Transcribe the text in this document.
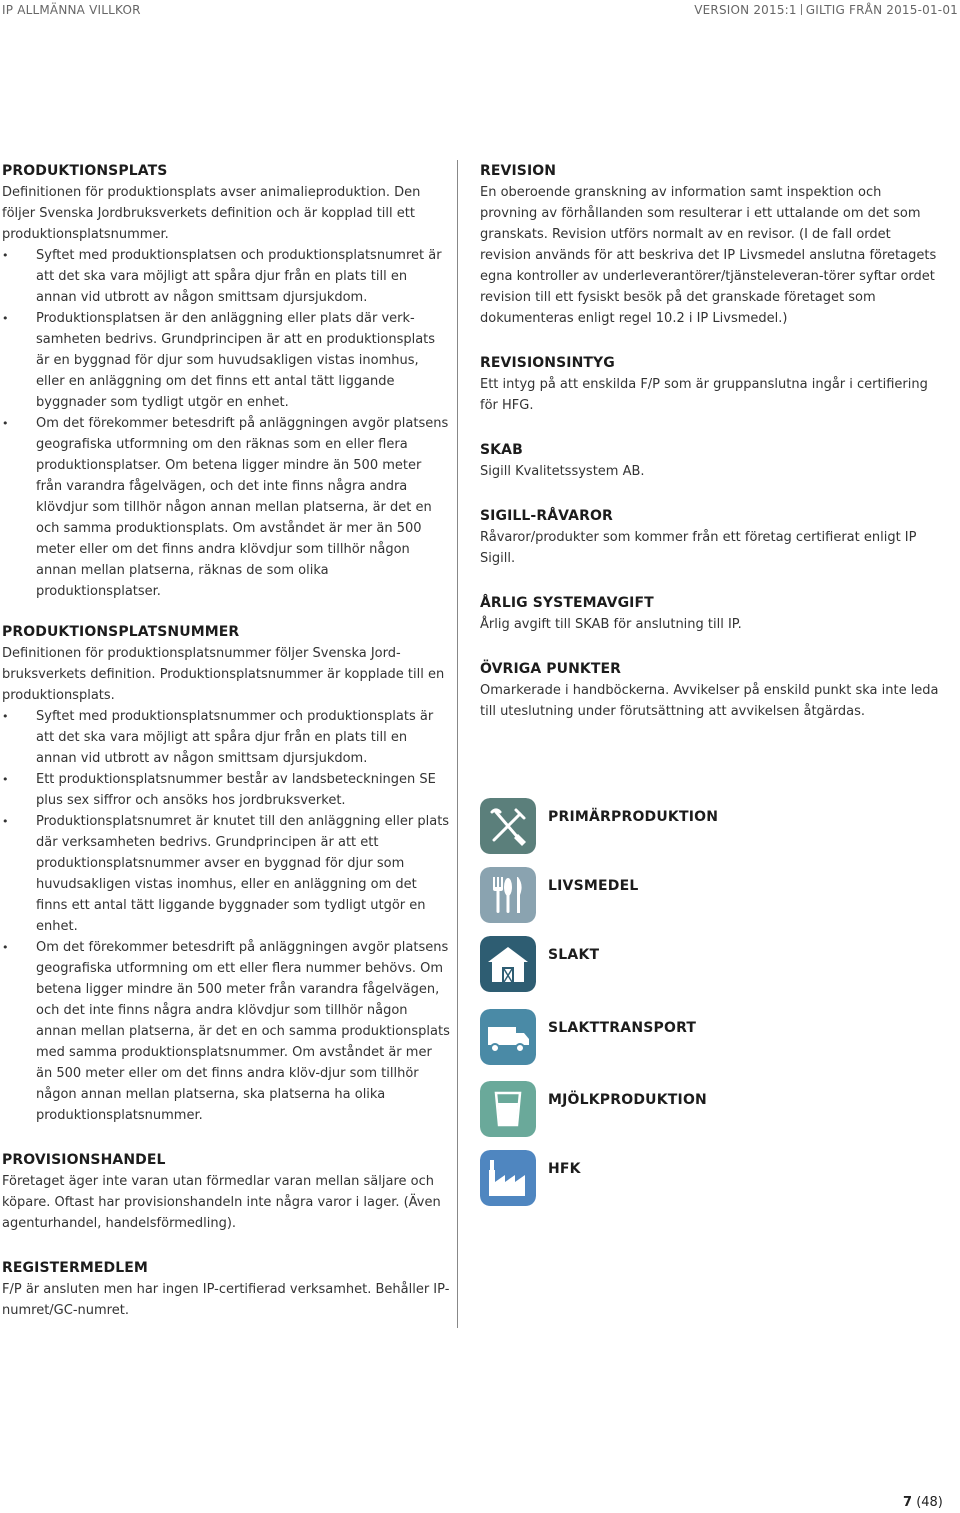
IP ALLMÄNNA VILLKOR	VERSION 2015:1 GILTIG FRÅN 2015-01-01
PRODUKTIONSPLATS

Definitionen för produktionsplats avser animalieproduktion. Den följer Svenska Jordbruksverkets definition och är kopplad till ett produktionsplatsnummer.

• Syftet med produktionsplatsen och produktionsplatsnumret är att det ska vara möjligt att spåra djur från en plats till en annan vid utbrott av någon smittsam djursjukdom.
• Produktionsplatsen är den anläggning eller plats där verk-samheten bedrivs. Grundprincipen är att en produktionsplats är en byggnad för djur som huvudsakligen vistas inomhus, eller en anläggning om det finns ett antal tätt liggande byggnader som tydligt utgör en enhet.
• Om det förekommer betesdrift på anläggningen avgör platsens geografiska utformning om den räknas som en eller flera produktionsplatser. Om betena ligger mindre än 500 meter från varandra fågelvägen, och det inte finns några andra klövdjur som tillhör någon annan mellan platserna, är det en och samma produktionsplats. Om avståndet är mer än 500 meter eller om det finns andra klövdjur som tillhör någon annan mellan platserna, räknas de som olika produktionsplatser.
PRODUKTIONSPLATSNUMMER

Definitionen för produktionsplatsnummer följer Svenska Jord-bruksverkets definition. Produktionsplatsnummer är kopplade till en produktionsplats.

• Syftet med produktionsplatsnummer och produktionsplats är att det ska vara möjligt att spåra djur från en plats till en annan vid utbrott av någon smittsam djursjukdom.
• Ett produktionsplatsnummer består av landsbeteckningen SE plus sex siffror och ansöks hos jordbruksverket.
• Produktionsplatsnumret är knutet till den anläggning eller plats där verksamheten bedrivs. Grundprincipen är att ett produktionsplatsnummer avser en byggnad för djur som huvudsakligen vistas inomhus, eller en anläggning om det finns ett antal tätt liggande byggnader som tydligt utgör en enhet.
• Om det förekommer betesdrift på anläggningen avgör platsens geografiska utformning om ett eller flera nummer behövs. Om betena ligger mindre än 500 meter från varandra fågelvägen, och det inte finns några andra klövdjur som tillhör någon annan mellan platserna, är det en och samma produktionsplats med samma produktionsplatsnummer. Om avståndet är mer än 500 meter eller om det finns andra klöv-djur som tillhör någon annan mellan platserna, ska platserna ha olika produktionsplatsnummer.
PROVISIONSHANDEL

Företaget äger inte varan utan förmedlar varan mellan säljare och köpare. Oftast har provisionshandeln inte några varor i lager. (Även agenturhandel, handelsförmedling).

REGISTERMEDLEM

F/P är ansluten men har ingen IP-certifierad verksamhet. Behåller IP-numret/GC-numret.

REVISION

En oberoende granskning av information samt inspektion och provning av förhållanden som resulterar i ett uttalande om det som granskats. Revision utförs normalt av en revisor. (I de fall ordet revision används för att beskriva det IP Livsmedel anslutna företagets egna kontroller av underleverantörer/tjänsteleveran-törer syftar ordet revision till ett fysiskt besök på det granskade företaget som dokumenteras enligt regel 10.2 i IP Livsmedel.)

REVISIONSINTYG

Ett intyg på att enskilda F/P som är gruppanslutna ingår i certifiering för HFG.

SKAB

Sigill Kvalitetssystem AB.

SIGILL-RÅVAROR

Råvaror/produkter som kommer från ett företag certifierat enligt IP Sigill.

ÅRLIG SYSTEMAVGIFT

Årlig avgift till SKAB för anslutning till IP.

ÖVRIGA PUNKTER

Omarkerade i handböckerna. Avvikelser på enskild punkt ska inte leda till uteslutning under förutsättning att avvikelsen åtgärdas.

PRIMÄRPRODUKTION
LIVSMEDEL
SLAKT
SLAKTTRANSPORT
MJÖLKPRODUKTION
HFK
7 (48)
